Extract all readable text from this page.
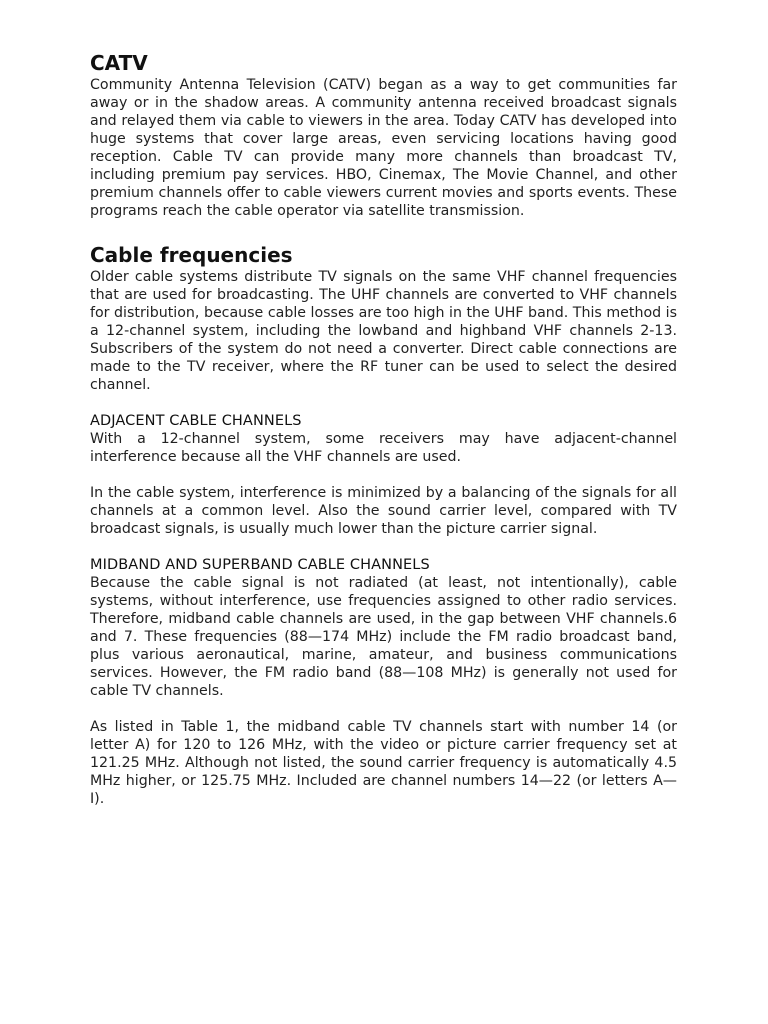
CATV

Community Antenna Television (CATV) began as a way to get communities far away or in the shadow areas. A community antenna received broadcast signals and relayed them via cable to viewers in the area. Today CATV has developed into huge systems that cover large areas, even servicing locations having good reception. Cable TV can provide many more channels than broadcast TV, including premium pay services. HBO, Cinemax, The Movie Channel, and other premium channels offer to cable viewers current movies and sports events. These programs reach the cable operator via satellite transmission.

Cable frequencies

Older cable systems distribute TV signals on the same VHF channel frequencies that are used for broadcasting. The UHF channels are converted to VHF channels for distribution, because cable losses are too high in the UHF band. This method is a 12-channel system, including the lowband and highband VHF channels 2-13. Subscribers of the system do not need a converter. Direct cable connections are made to the TV receiver, where the RF tuner can be used to select the desired channel.

ADJACENT CABLE CHANNELS

With a 12-channel system, some receivers may have adjacent-channel interference because all the VHF channels are used.

In the cable system, interference is minimized by a balancing of the signals for all channels at a common level. Also the sound carrier level, compared with TV broadcast signals, is usually much lower than the picture carrier signal.

MIDBAND AND SUPERBAND CABLE CHANNELS

Because the cable signal is not radiated (at least, not intentionally), cable systems, without interference, use frequencies assigned to other radio services. Therefore, midband cable channels are used, in the gap between VHF channels.6 and 7. These frequencies (88—174 MHz) include the FM radio broadcast band, plus various aeronautical, marine, amateur, and business communications services. However, the FM radio band (88—108 MHz) is generally not used for cable TV channels.

As listed in Table 1, the midband cable TV channels start with number 14 (or letter A) for 120 to 126 MHz, with the video or picture carrier frequency set at 121.25 MHz. Although not listed, the sound carrier frequency is automatically 4.5 MHz higher, or 125.75 MHz. Included are channel numbers 14—22 (or letters A—I).
